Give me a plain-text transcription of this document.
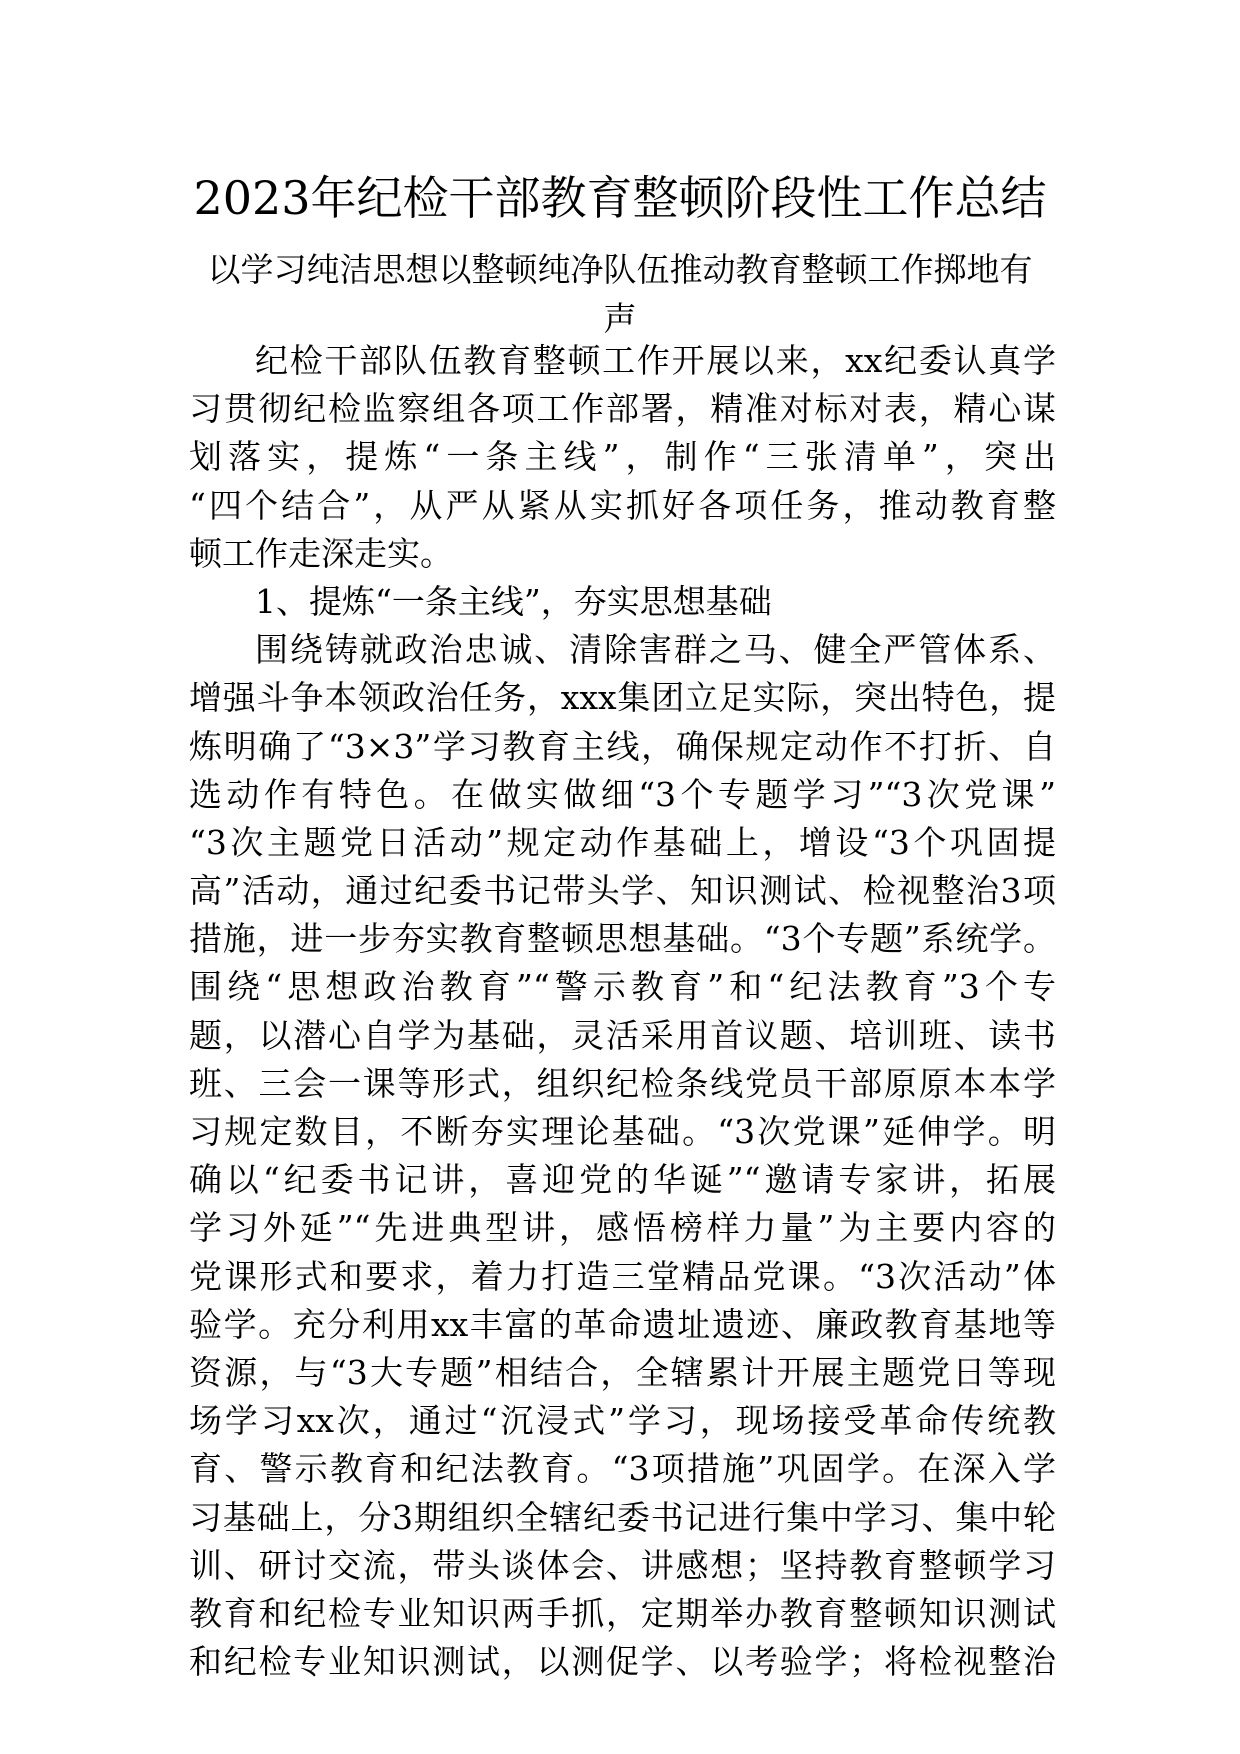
2023年纪检干部教育整顿阶段性工作总结
以学习纯洁思想以整顿纯净队伍推动教育整顿工作掷地有
声
纪检干部队伍教育整顿工作开展以来，xx纪委认真学
习贯彻纪检监察组各项工作部署，精准对标对表，精心谋
划落实，提炼“一条主线”，制作“三张清单”，突出
“四个结合”，从严从紧从实抓好各项任务，推动教育整
顿工作走深走实。
1、提炼“一条主线”，夯实思想基础
围绕铸就政治忠诚、清除害群之马、健全严管体系、
增强斗争本领政治任务，xxx集团立足实际，突出特色，提
炼明确了“3×3”学习教育主线，确保规定动作不打折、自
选动作有特色。在做实做细“3个专题学习”“3次党课”
“3次主题党日活动”规定动作基础上，增设“3个巩固提
高”活动，通过纪委书记带头学、知识测试、检视整治3项
措施，进一步夯实教育整顿思想基础。“3个专题”系统学。
围绕“思想政治教育”“警示教育”和“纪法教育”3个专
题，以潜心自学为基础，灵活采用首议题、培训班、读书
班、三会一课等形式，组织纪检条线党员干部原原本本学
习规定数目，不断夯实理论基础。“3次党课”延伸学。明
确以“纪委书记讲，喜迎党的华诞”“邀请专家讲，拓展
学习外延”“先进典型讲，感悟榜样力量”为主要内容的
党课形式和要求，着力打造三堂精品党课。“3次活动”体
验学。充分利用xx丰富的革命遗址遗迹、廉政教育基地等
资源，与“3大专题”相结合，全辖累计开展主题党日等现
场学习xx次，通过“沉浸式”学习，现场接受革命传统教
育、警示教育和纪法教育。“3项措施”巩固学。在深入学
习基础上，分3期组织全辖纪委书记进行集中学习、集中轮
训、研讨交流，带头谈体会、讲感想；坚持教育整顿学习
教育和纪检专业知识两手抓，定期举办教育整顿知识测试
和纪检专业知识测试，以测促学、以考验学；将检视整治
